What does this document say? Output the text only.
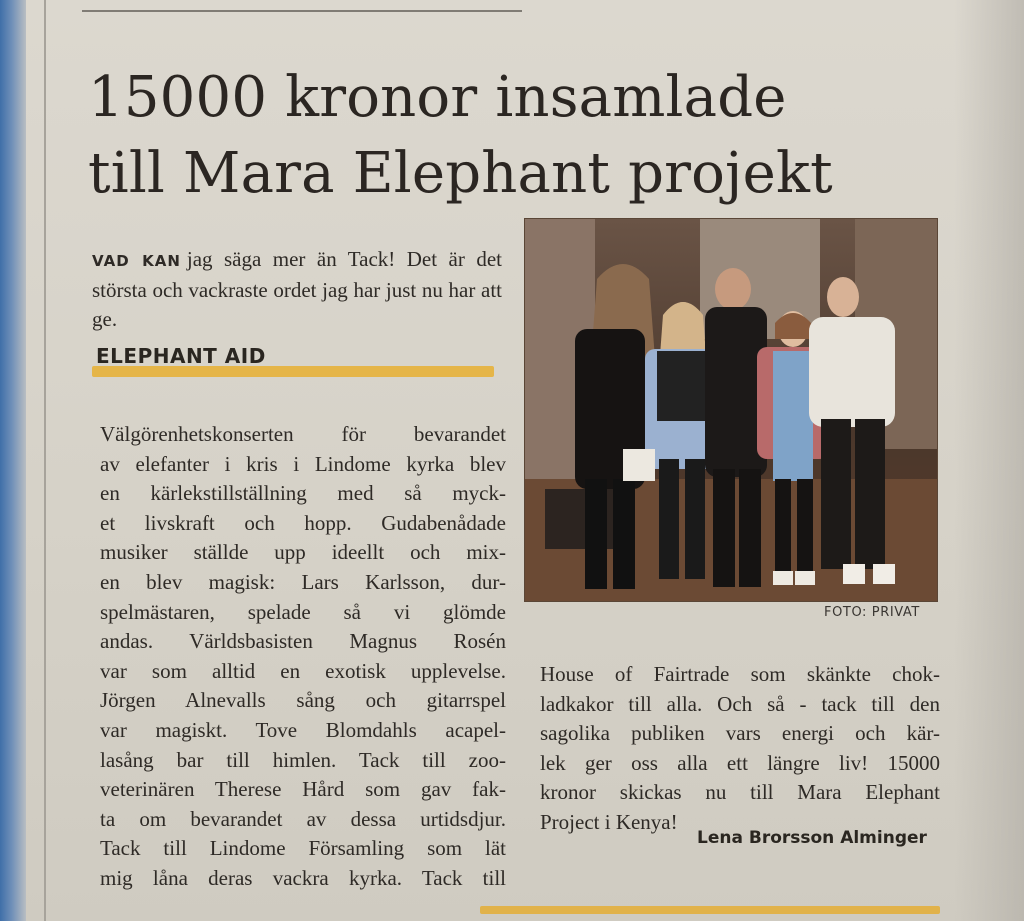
15000 kronor insamlade
till Mara Elephant projekt
VAD KAN jag säga mer än Tack! Det är det största och vackraste ordet jag har just nu har att ge.
ELEPHANT AID
Välgörenhetskonserten för bevarandet
av elefanter i kris i Lindome kyrka blev
en kärlekstillställning med så myck-
et livskraft och hopp. Gudabenådade
musiker ställde upp ideellt och mix-
en blev magisk: Lars Karlsson, dur-
spelmästaren, spelade så vi glömde
andas. Världsbasisten Magnus Rosén
var som alltid en exotisk upplevelse.
Jörgen Alnevalls sång och gitarrspel
var magiskt. Tove Blomdahls acapel-
lasång bar till himlen. Tack till zoo-
veterinären Therese Hård som gav fak-
ta om bevarandet av dessa urtidsdjur.
Tack till Lindome Församling som lät
mig låna deras vackra kyrka. Tack till
FOTO: PRIVAT
House of Fairtrade som skänkte chok-
ladkakor till alla. Och så - tack till den
sagolika publiken vars energi och kär-
lek ger oss alla ett längre liv! 15000
kronor skickas nu till Mara Elephant
Project i Kenya!
Lena Brorsson Alminger
